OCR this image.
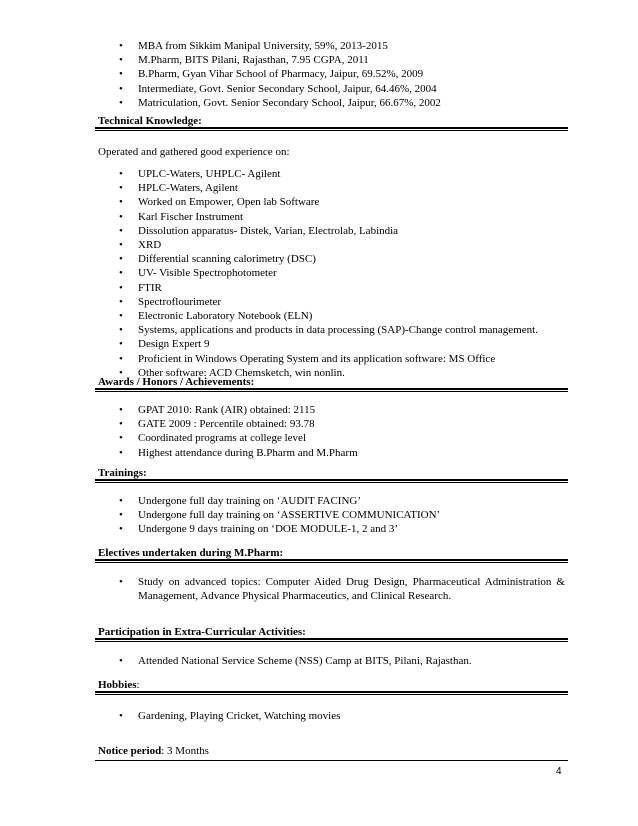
• MBA from Sikkim Manipal University, 59%, 2013-2015
• M.Pharm, BITS Pilani, Rajasthan, 7.95 CGPA, 2011
• B.Pharm, Gyan Vihar School of Pharmacy, Jaipur, 69.52%, 2009
• Intermediate, Govt. Senior Secondary School, Jaipur, 64.46%, 2004
• Matriculation, Govt. Senior Secondary School, Jaipur, 66.67%, 2002
Technical Knowledge:
Operated and gathered good experience on:
• UPLC-Waters, UHPLC- Agilent
• HPLC-Waters, Agilent
• Worked on Empower, Open lab Software
• Karl Fischer Instrument
• Dissolution apparatus- Distek, Varian, Electrolab, Labindia
• XRD
• Differential scanning calorimetry (DSC)
• UV- Visible Spectrophotometer
• FTIR
• Spectroflourimeter
• Electronic Laboratory Notebook (ELN)
• Systems, applications and products in data processing (SAP)-Change control management.
• Design Expert 9
• Proficient in Windows Operating System and its application software: MS Office
• Other software: ACD Chemsketch, win nonlin.
Awards / Honors / Achievements:
• GPAT 2010: Rank (AIR) obtained: 2115
• GATE 2009 : Percentile obtained: 93.78
• Coordinated programs at college level
• Highest attendance during B.Pharm and M.Pharm
Trainings:
• Undergone full day training on ‘AUDIT FACING’
• Undergone full day training on ‘ASSERTIVE COMMUNICATION’
• Undergone 9 days training on ‘DOE MODULE-1, 2 and 3’
Electives undertaken during M.Pharm:
• Study on advanced topics: Computer Aided Drug Design, Pharmaceutical Administration & Management, Advance Physical Pharmaceutics, and Clinical Research.
Participation in Extra-Curricular Activities:
• Attended National Service Scheme (NSS) Camp at BITS, Pilani, Rajasthan.
Hobbies:
• Gardening, Playing Cricket, Watching movies
Notice period: 3 Months
4
